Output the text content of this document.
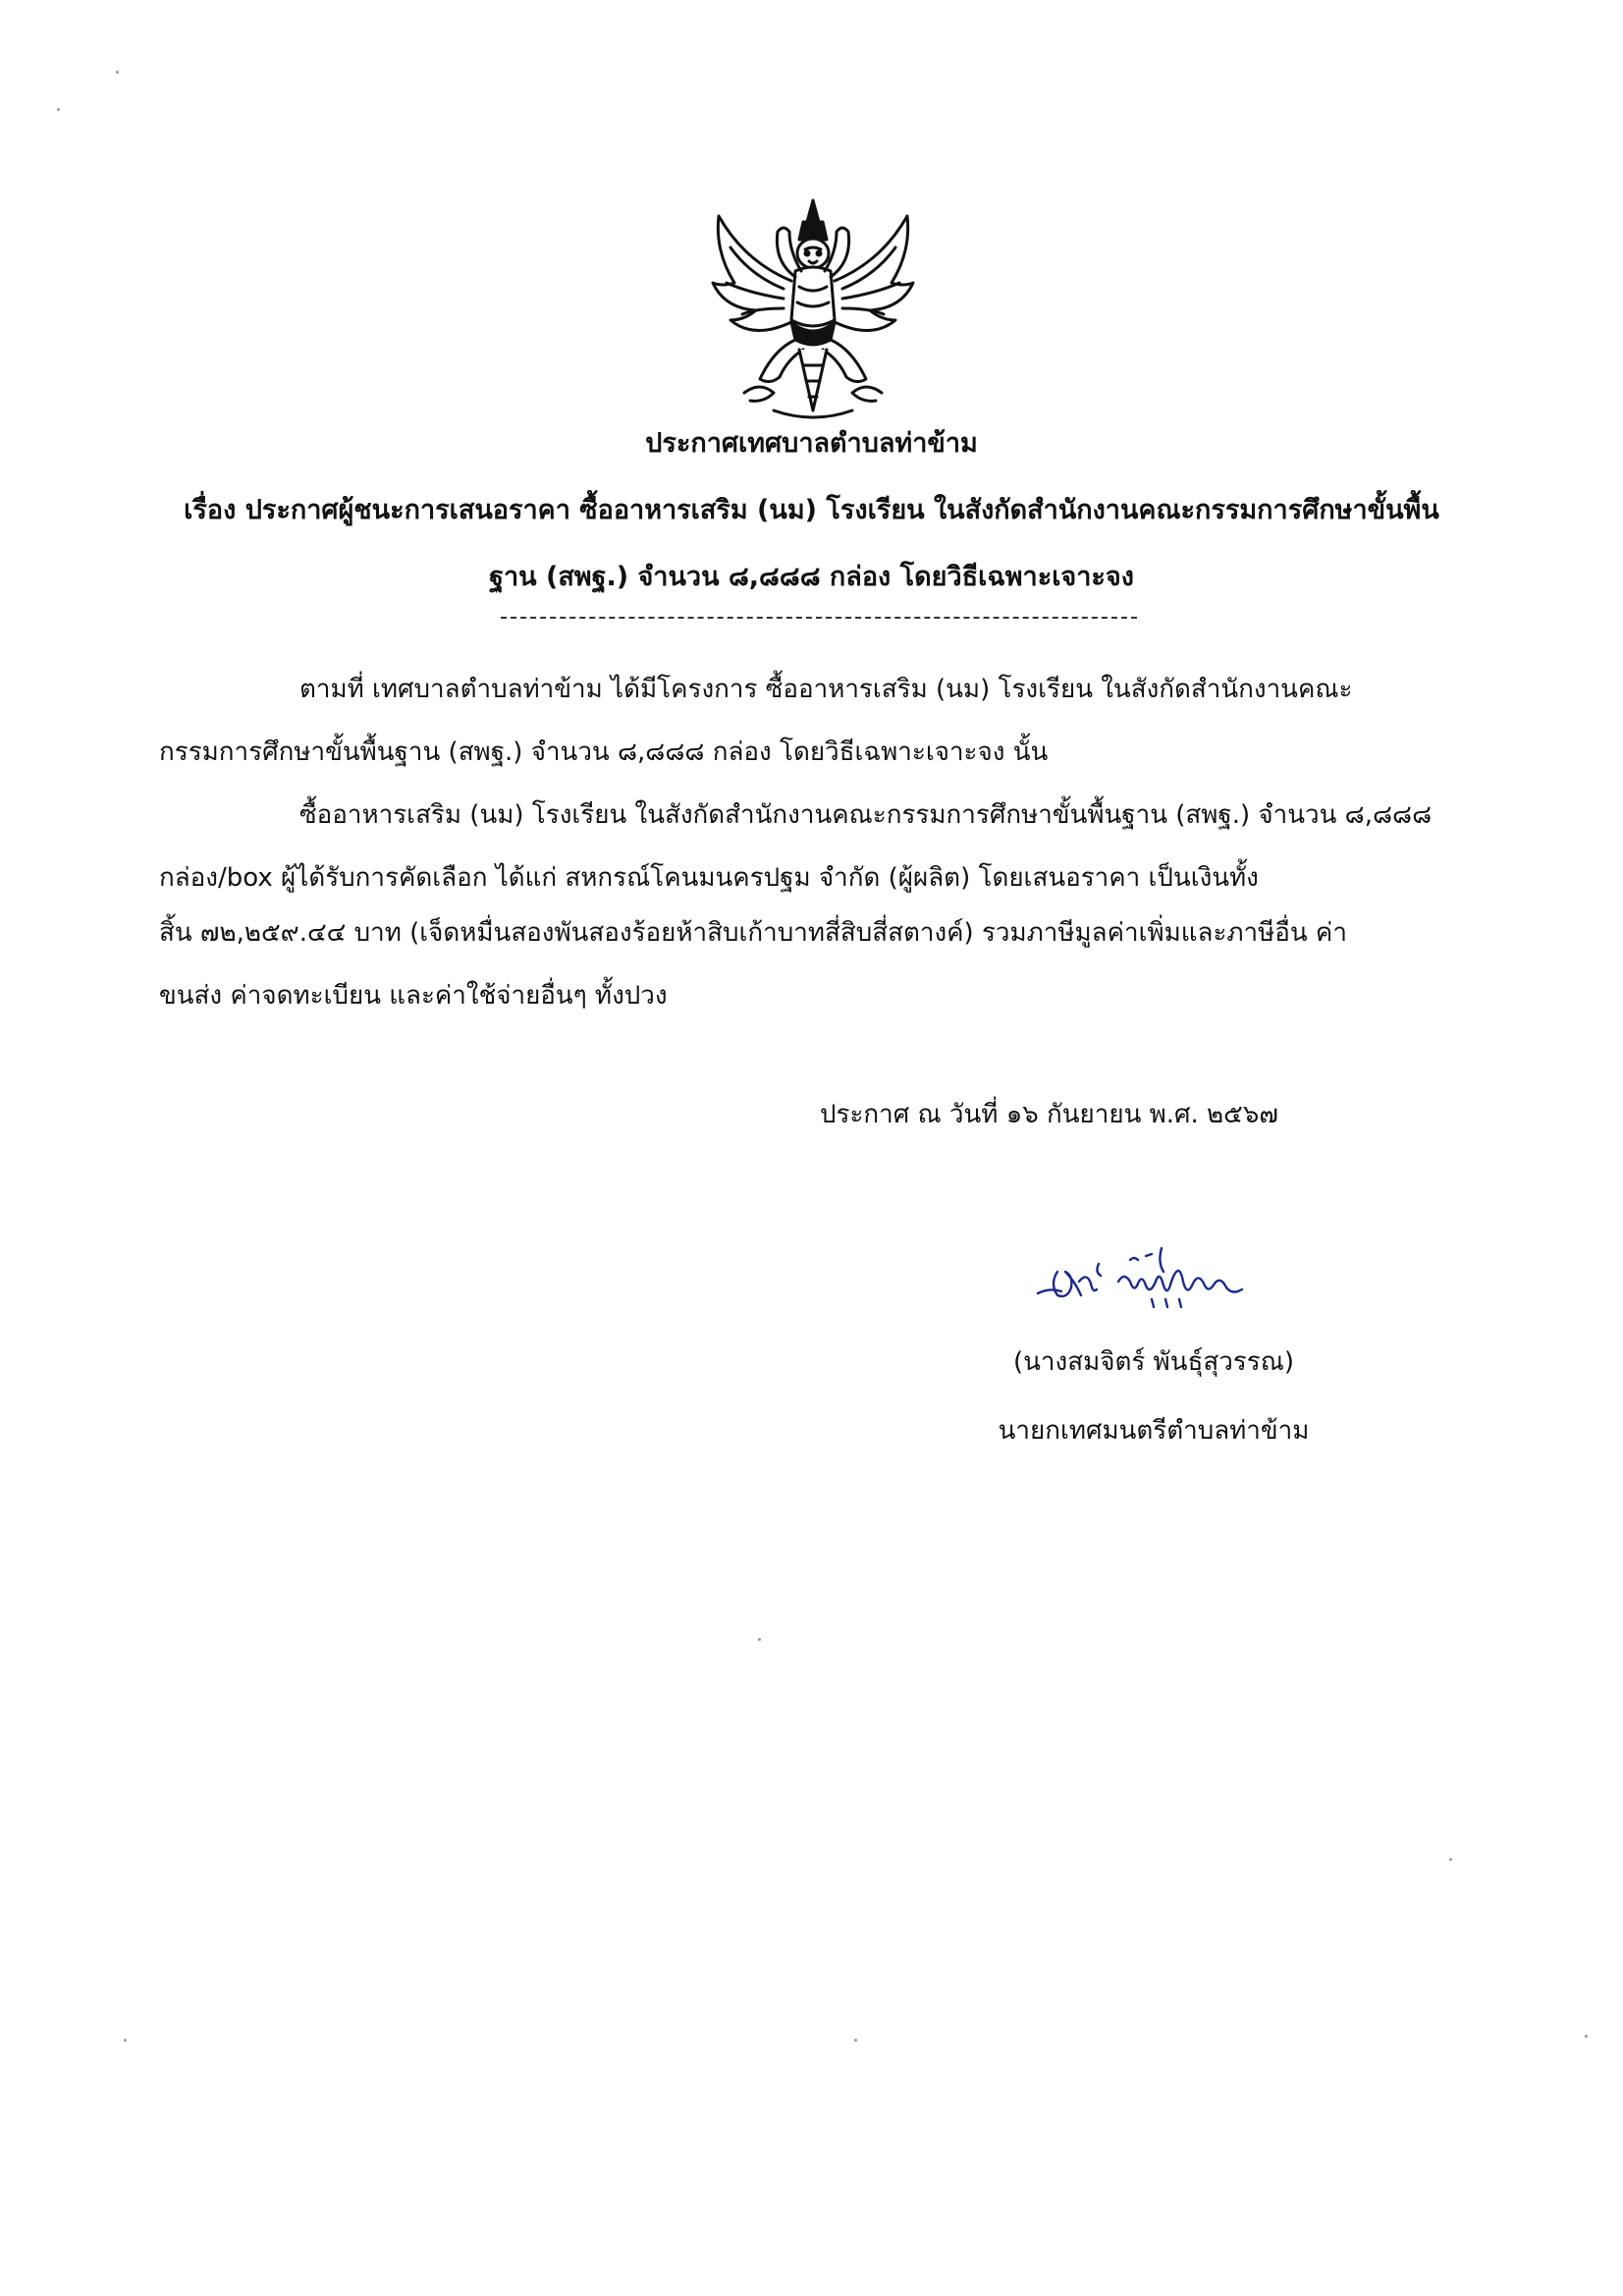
ประกาศเทศบาลตำบลท่าข้าม
เรื่อง ประกาศผู้ชนะการเสนอราคา ซื้ออาหารเสริม (นม) โรงเรียน ในสังกัดสำนักงานคณะกรรมการศึกษาขั้นพื้น
ฐาน (สพฐ.) จำนวน ๘,๘๘๘ กล่อง โดยวิธีเฉพาะเจาะจง
ตามที่ เทศบาลตำบลท่าข้าม ได้มีโครงการ ซื้ออาหารเสริม (นม) โรงเรียน ในสังกัดสำนักงานคณะ
กรรมการศึกษาขั้นพื้นฐาน (สพฐ.) จำนวน ๘,๘๘๘ กล่อง โดยวิธีเฉพาะเจาะจง นั้น
ซื้ออาหารเสริม (นม) โรงเรียน ในสังกัดสำนักงานคณะกรรมการศึกษาขั้นพื้นฐาน (สพฐ.) จำนวน ๘,๘๘๘
กล่อง/box ผู้ได้รับการคัดเลือก ได้แก่ สหกรณ์โคนมนครปฐม จำกัด (ผู้ผลิต) โดยเสนอราคา เป็นเงินทั้ง
สิ้น ๗๒,๒๕๙.๔๔ บาท (เจ็ดหมื่นสองพันสองร้อยห้าสิบเก้าบาทสี่สิบสี่สตางค์) รวมภาษีมูลค่าเพิ่มและภาษีอื่น ค่า
ขนส่ง ค่าจดทะเบียน และค่าใช้จ่ายอื่นๆ ทั้งปวง
ประกาศ ณ วันที่ ๑๖ กันยายน พ.ศ. ๒๕๖๗
(นางสมจิตร์ พันธุ์สุวรรณ)
นายกเทศมนตรีตำบลท่าข้าม
